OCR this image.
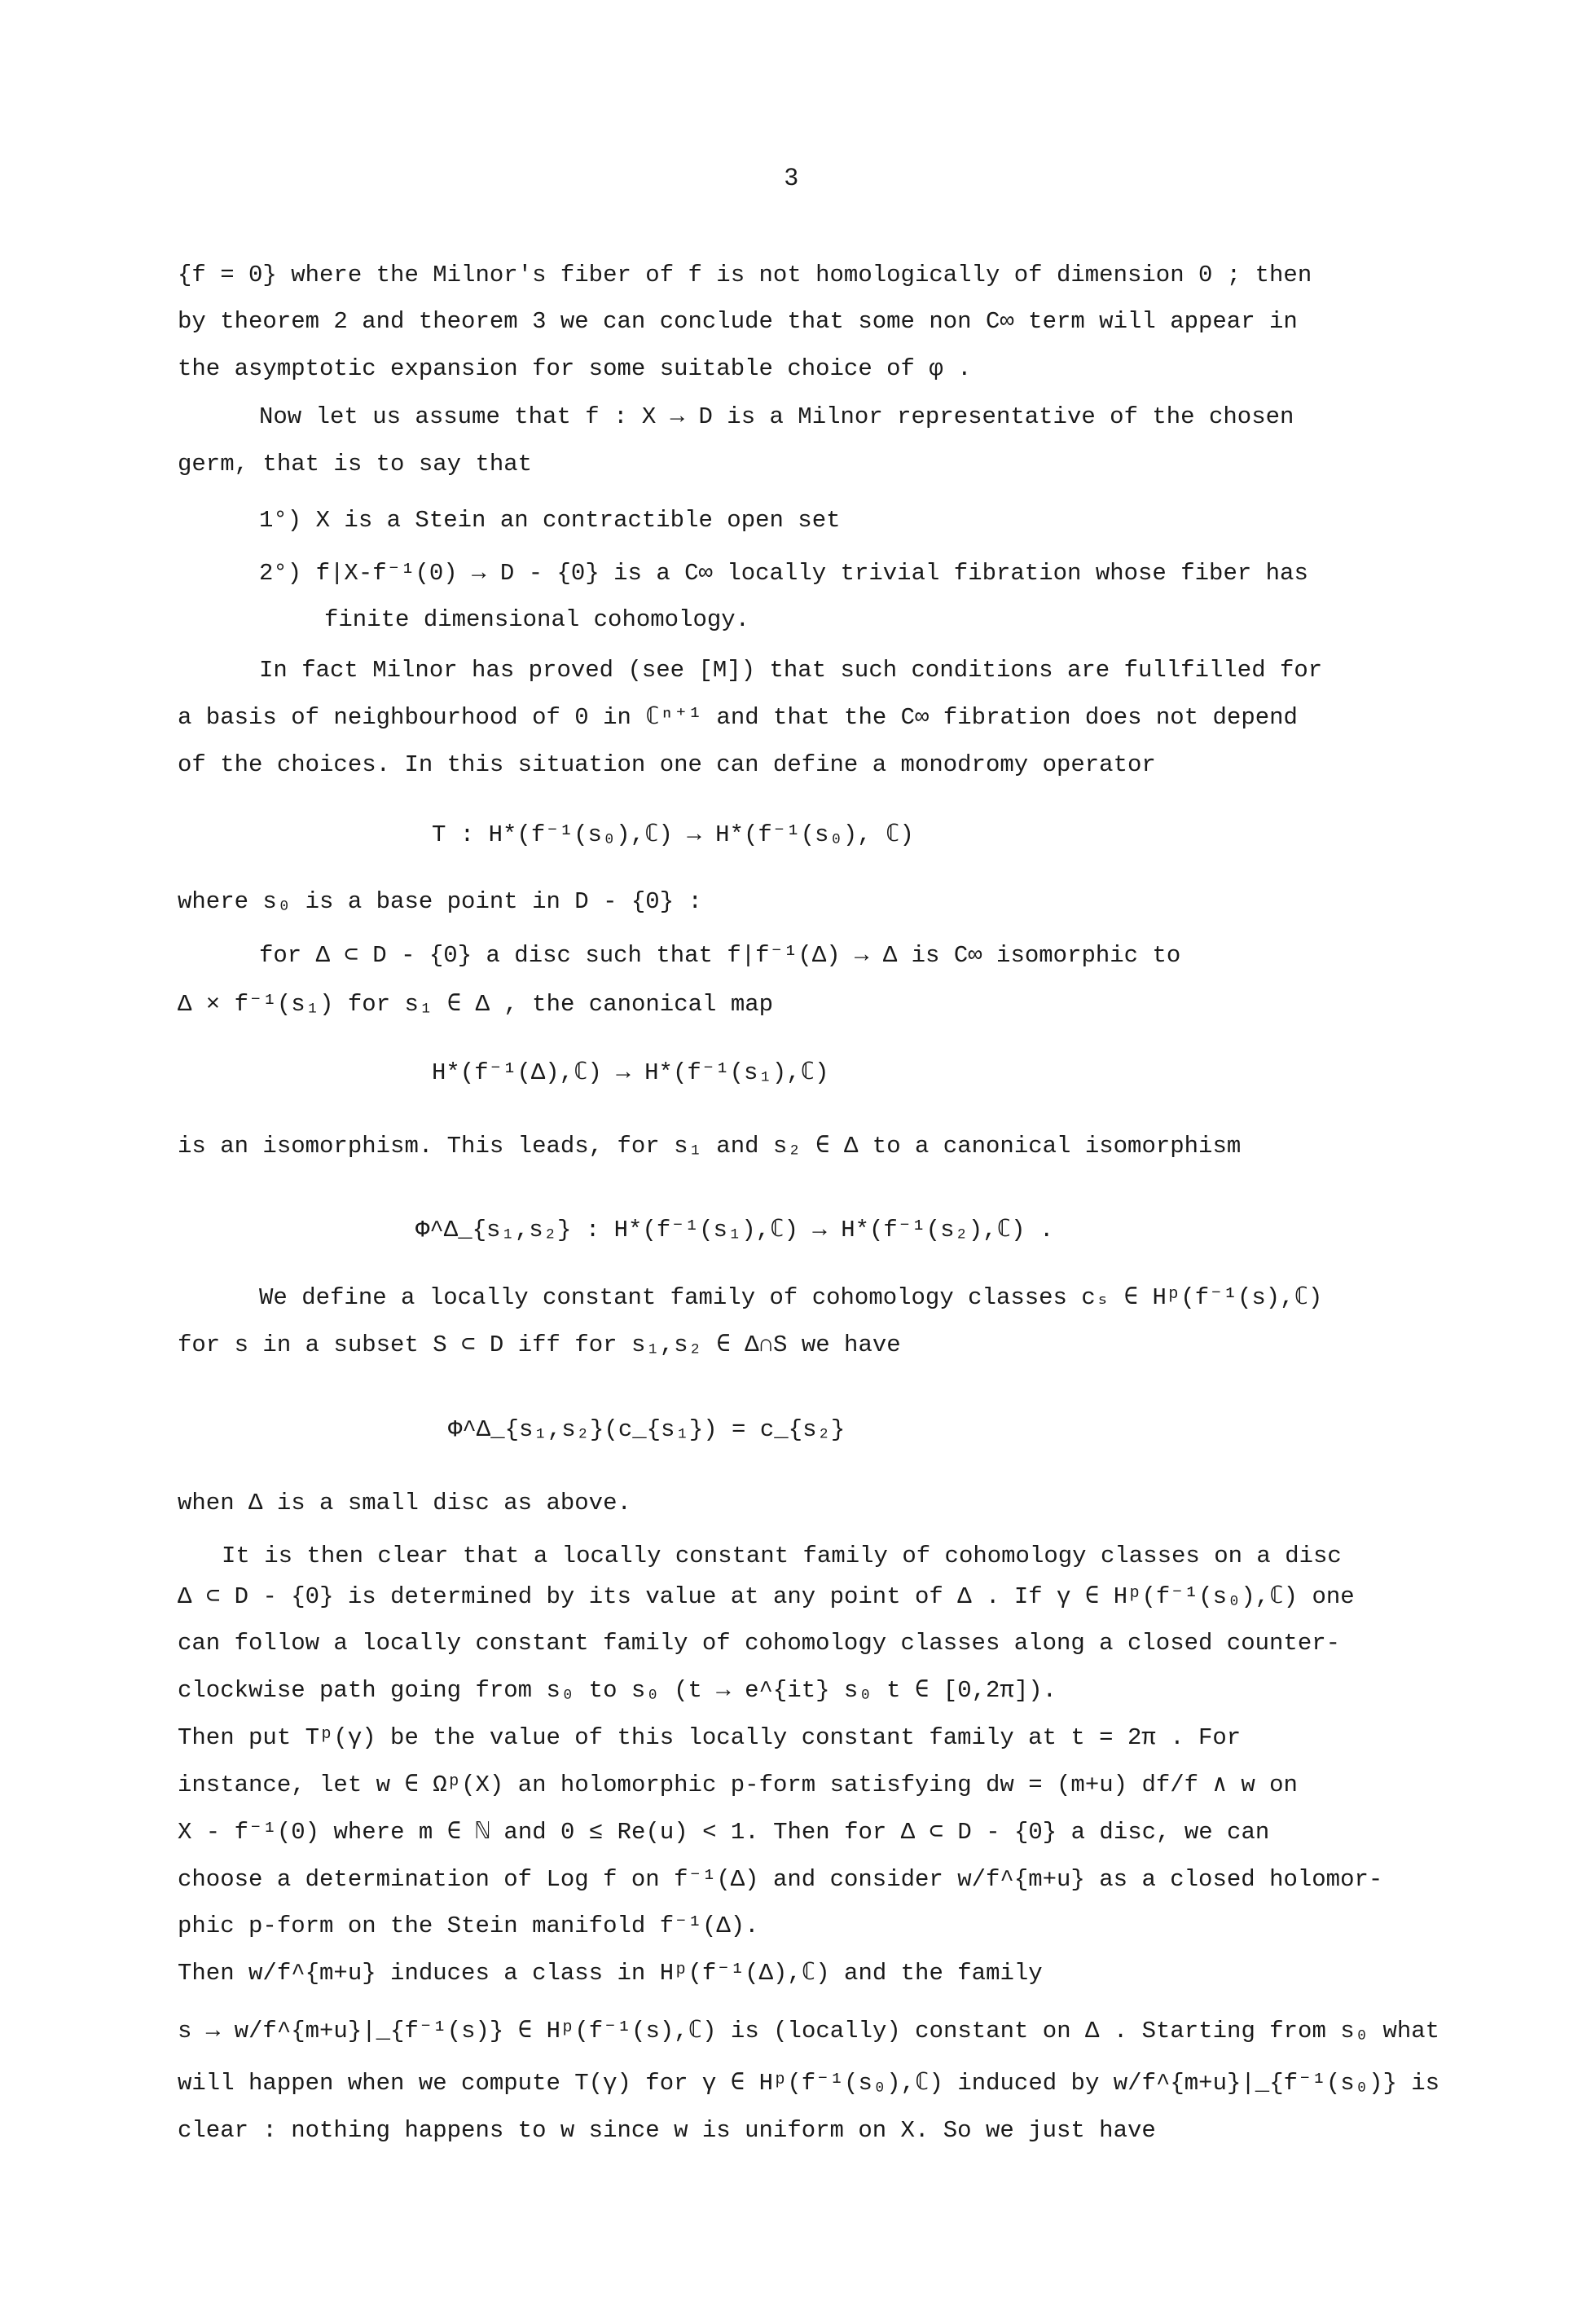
3
{f = 0} where the Milnor's fiber of f is not homologically of dimension 0 ; then
by theorem 2 and theorem 3 we can conclude that some non C∞ term will appear in
the asymptotic expansion for some suitable choice of φ .
Now let us assume that f : X → D is a Milnor representative of the chosen
germ, that is to say that
1°) X is a Stein an contractible open set
2°) f|X-f⁻¹(0) → D - {0} is a C∞ locally trivial fibration whose fiber has
finite dimensional cohomology.
In fact Milnor has proved (see [M]) that such conditions are fullfilled for
a basis of neighbourhood of 0 in ℂⁿ⁺¹ and that the C∞ fibration does not depend
of the choices. In this situation one can define a monodromy operator
T : H*(f⁻¹(s₀),ℂ) → H*(f⁻¹(s₀), ℂ)
where s₀ is a base point in D - {0} :
for Δ ⊂ D - {0} a disc such that f|f⁻¹(Δ) → Δ is C∞ isomorphic to
Δ × f⁻¹(s₁) for s₁ ∈ Δ , the canonical map
H*(f⁻¹(Δ),ℂ) → H*(f⁻¹(s₁),ℂ)
is an isomorphism. This leads, for s₁ and s₂ ∈ Δ to a canonical isomorphism
Φ^Δ_{s₁,s₂} : H*(f⁻¹(s₁),ℂ) → H*(f⁻¹(s₂),ℂ) .
We define a locally constant family of cohomology classes cₛ ∈ Hᵖ(f⁻¹(s),ℂ)
for s in a subset S ⊂ D iff for s₁,s₂ ∈ Δ∩S we have
Φ^Δ_{s₁,s₂}(c_{s₁}) = c_{s₂}
when Δ is a small disc as above.
It is then clear that a locally constant family of cohomology classes on a disc
Δ ⊂ D - {0} is determined by its value at any point of Δ . If γ ∈ Hᵖ(f⁻¹(s₀),ℂ) one
can follow a locally constant family of cohomology classes along a closed counter-
clockwise path going from s₀ to s₀ (t → e^{it} s₀ t ∈ [0,2π]).
Then put Tᵖ(γ) be the value of this locally constant family at t = 2π . For
instance, let w ∈ Ωᵖ(X) an holomorphic p-form satisfying dw = (m+u) df/f ∧ w on
X - f⁻¹(0) where m ∈ ℕ and 0 ≤ Re(u) < 1. Then for Δ ⊂ D - {0} a disc, we can
choose a determination of Log f on f⁻¹(Δ) and consider w/f^{m+u} as a closed holomor-
phic p-form on the Stein manifold f⁻¹(Δ).
Then w/f^{m+u} induces a class in Hᵖ(f⁻¹(Δ),ℂ) and the family
s → w/f^{m+u}|_{f⁻¹(s)} ∈ Hᵖ(f⁻¹(s),ℂ) is (locally) constant on Δ . Starting from s₀ what
will happen when we compute T(γ) for γ ∈ Hᵖ(f⁻¹(s₀),ℂ) induced by w/f^{m+u}|_{f⁻¹(s₀)} is
clear : nothing happens to w since w is uniform on X. So we just have
